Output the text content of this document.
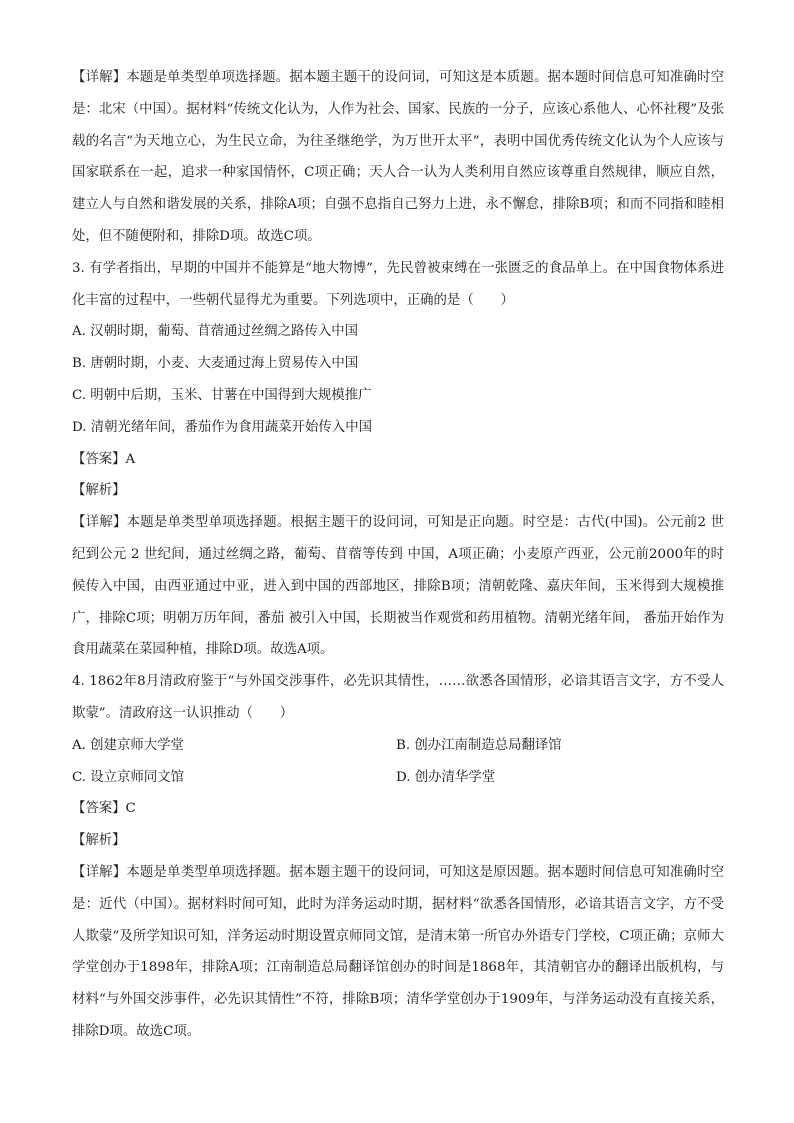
【详解】本题是单类型单项选择题。据本题主题干的设问词，可知这是本质题。据本题时间信息可知准确时空是：北宋（中国）。据材料“传统文化认为，人作为社会、国家、民族的一分子，应该心系他人、心怀社稷”及张载的名言“为天地立心，为生民立命，为往圣继绝学，为万世开太平”，表明中国优秀传统文化认为个人应该与国家联系在一起，追求一种家国情怀，C项正确；天人合一认为人类利用自然应该尊重自然规律，顺应自然，建立人与自然和谐发展的关系，排除A项；自强不息指自己努力上进，永不懈怠，排除B项；和而不同指和睦相处，但不随便附和，排除D项。故选C项。

3. 有学者指出，早期的中国并不能算是“地大物博”，先民曾被束缚在一张匮乏的食品单上。在中国食物体系进化丰富的过程中，一些朝代显得尤为重要。下列选项中，正确的是（　　）

A. 汉朝时期，葡萄、苜蓿通过丝绸之路传入中国
B. 唐朝时期，小麦、大麦通过海上贸易传入中国
C. 明朝中后期，玉米、甘薯在中国得到大规模推广
D. 清朝光绪年间，番茄作为食用蔬菜开始传入中国
【答案】A
【解析】

【详解】本题是单类型单项选择题。根据主题干的设问词，可知是正向题。时空是：古代(中国)。公元前2 世纪到公元 2 世纪间，通过丝绸之路，葡萄、苜蓿等传到 中国，A项正确；小麦原产西亚，公元前2000年的时候传入中国，由西亚通过中亚，进入到中国的西部地区，排除B项；清朝乾隆、嘉庆年间，玉米得到大规模推广，排除C项；明朝万历年间，番茄 被引入中国，长期被当作观赏和药用植物。清朝光绪年间， 番茄开始作为食用蔬菜在菜园种植，排除D项。故选A项。

4. 1862年8月清政府鉴于“与外国交涉事件，必先识其情性，……欲悉各国情形，必谙其语言文字，方不受人欺蒙”。清政府这一认识推动（　　）

A. 创建京师大学堂	B. 创办江南制造总局翻译馆
C. 设立京师同文馆	D. 创办清华学堂
【答案】C
【解析】

【详解】本题是单类型单项选择题。据本题主题干的设问词，可知这是原因题。据本题时间信息可知准确时空是：近代（中国）。据材料时间可知，此时为洋务运动时期，据材料“欲悉各国情形，必谙其语言文字，方不受人欺蒙”及所学知识可知，洋务运动时期设置京师同文馆，是清末第一所官办外语专门学校，C项正确；京师大学堂创办于1898年，排除A项；江南制造总局翻译馆创办的时间是1868年，其清朝官办的翻译出版机构，与材料“与外国交涉事件，必先识其情性”不符，排除B项；清华学堂创办于1909年，与洋务运动没有直接关系，排除D项。故选C项。
